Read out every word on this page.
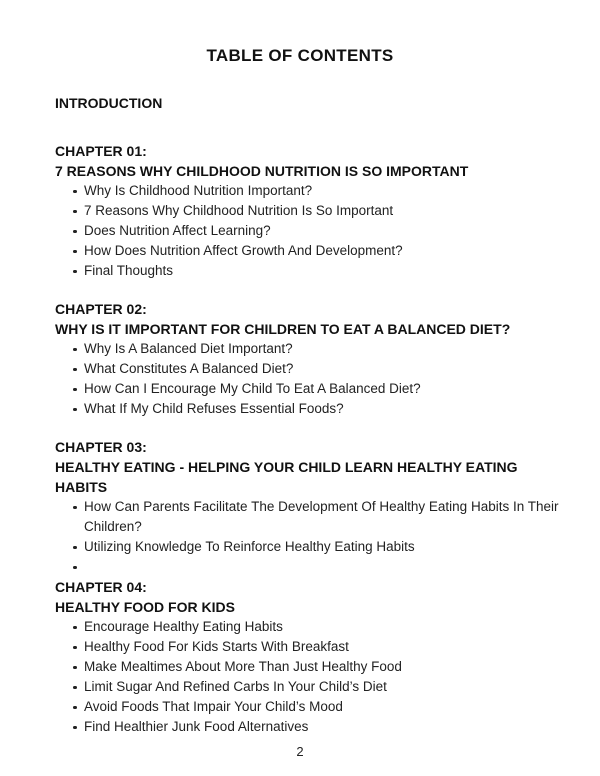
TABLE OF CONTENTS
INTRODUCTION
CHAPTER 01:
7 REASONS WHY CHILDHOOD NUTRITION IS SO IMPORTANT
Why Is Childhood Nutrition Important?
7 Reasons Why Childhood Nutrition Is So Important
Does Nutrition Affect Learning?
How Does Nutrition Affect Growth And Development?
Final Thoughts
CHAPTER 02:
WHY IS IT IMPORTANT FOR CHILDREN TO EAT A BALANCED DIET?
Why Is A Balanced Diet Important?
What Constitutes A Balanced Diet?
How Can I Encourage My Child To Eat A Balanced Diet?
What If My Child Refuses Essential Foods?
CHAPTER 03:
HEALTHY EATING - HELPING YOUR CHILD LEARN HEALTHY EATING HABITS
How Can Parents Facilitate The Development Of Healthy Eating Habits In Their Children?
Utilizing Knowledge To Reinforce Healthy Eating Habits
CHAPTER 04:
HEALTHY FOOD FOR KIDS
Encourage Healthy Eating Habits
Healthy Food For Kids Starts With Breakfast
Make Mealtimes About More Than Just Healthy Food
Limit Sugar And Refined Carbs In Your Child’s Diet
Avoid Foods That Impair Your Child’s Mood
Find Healthier Junk Food Alternatives
2
